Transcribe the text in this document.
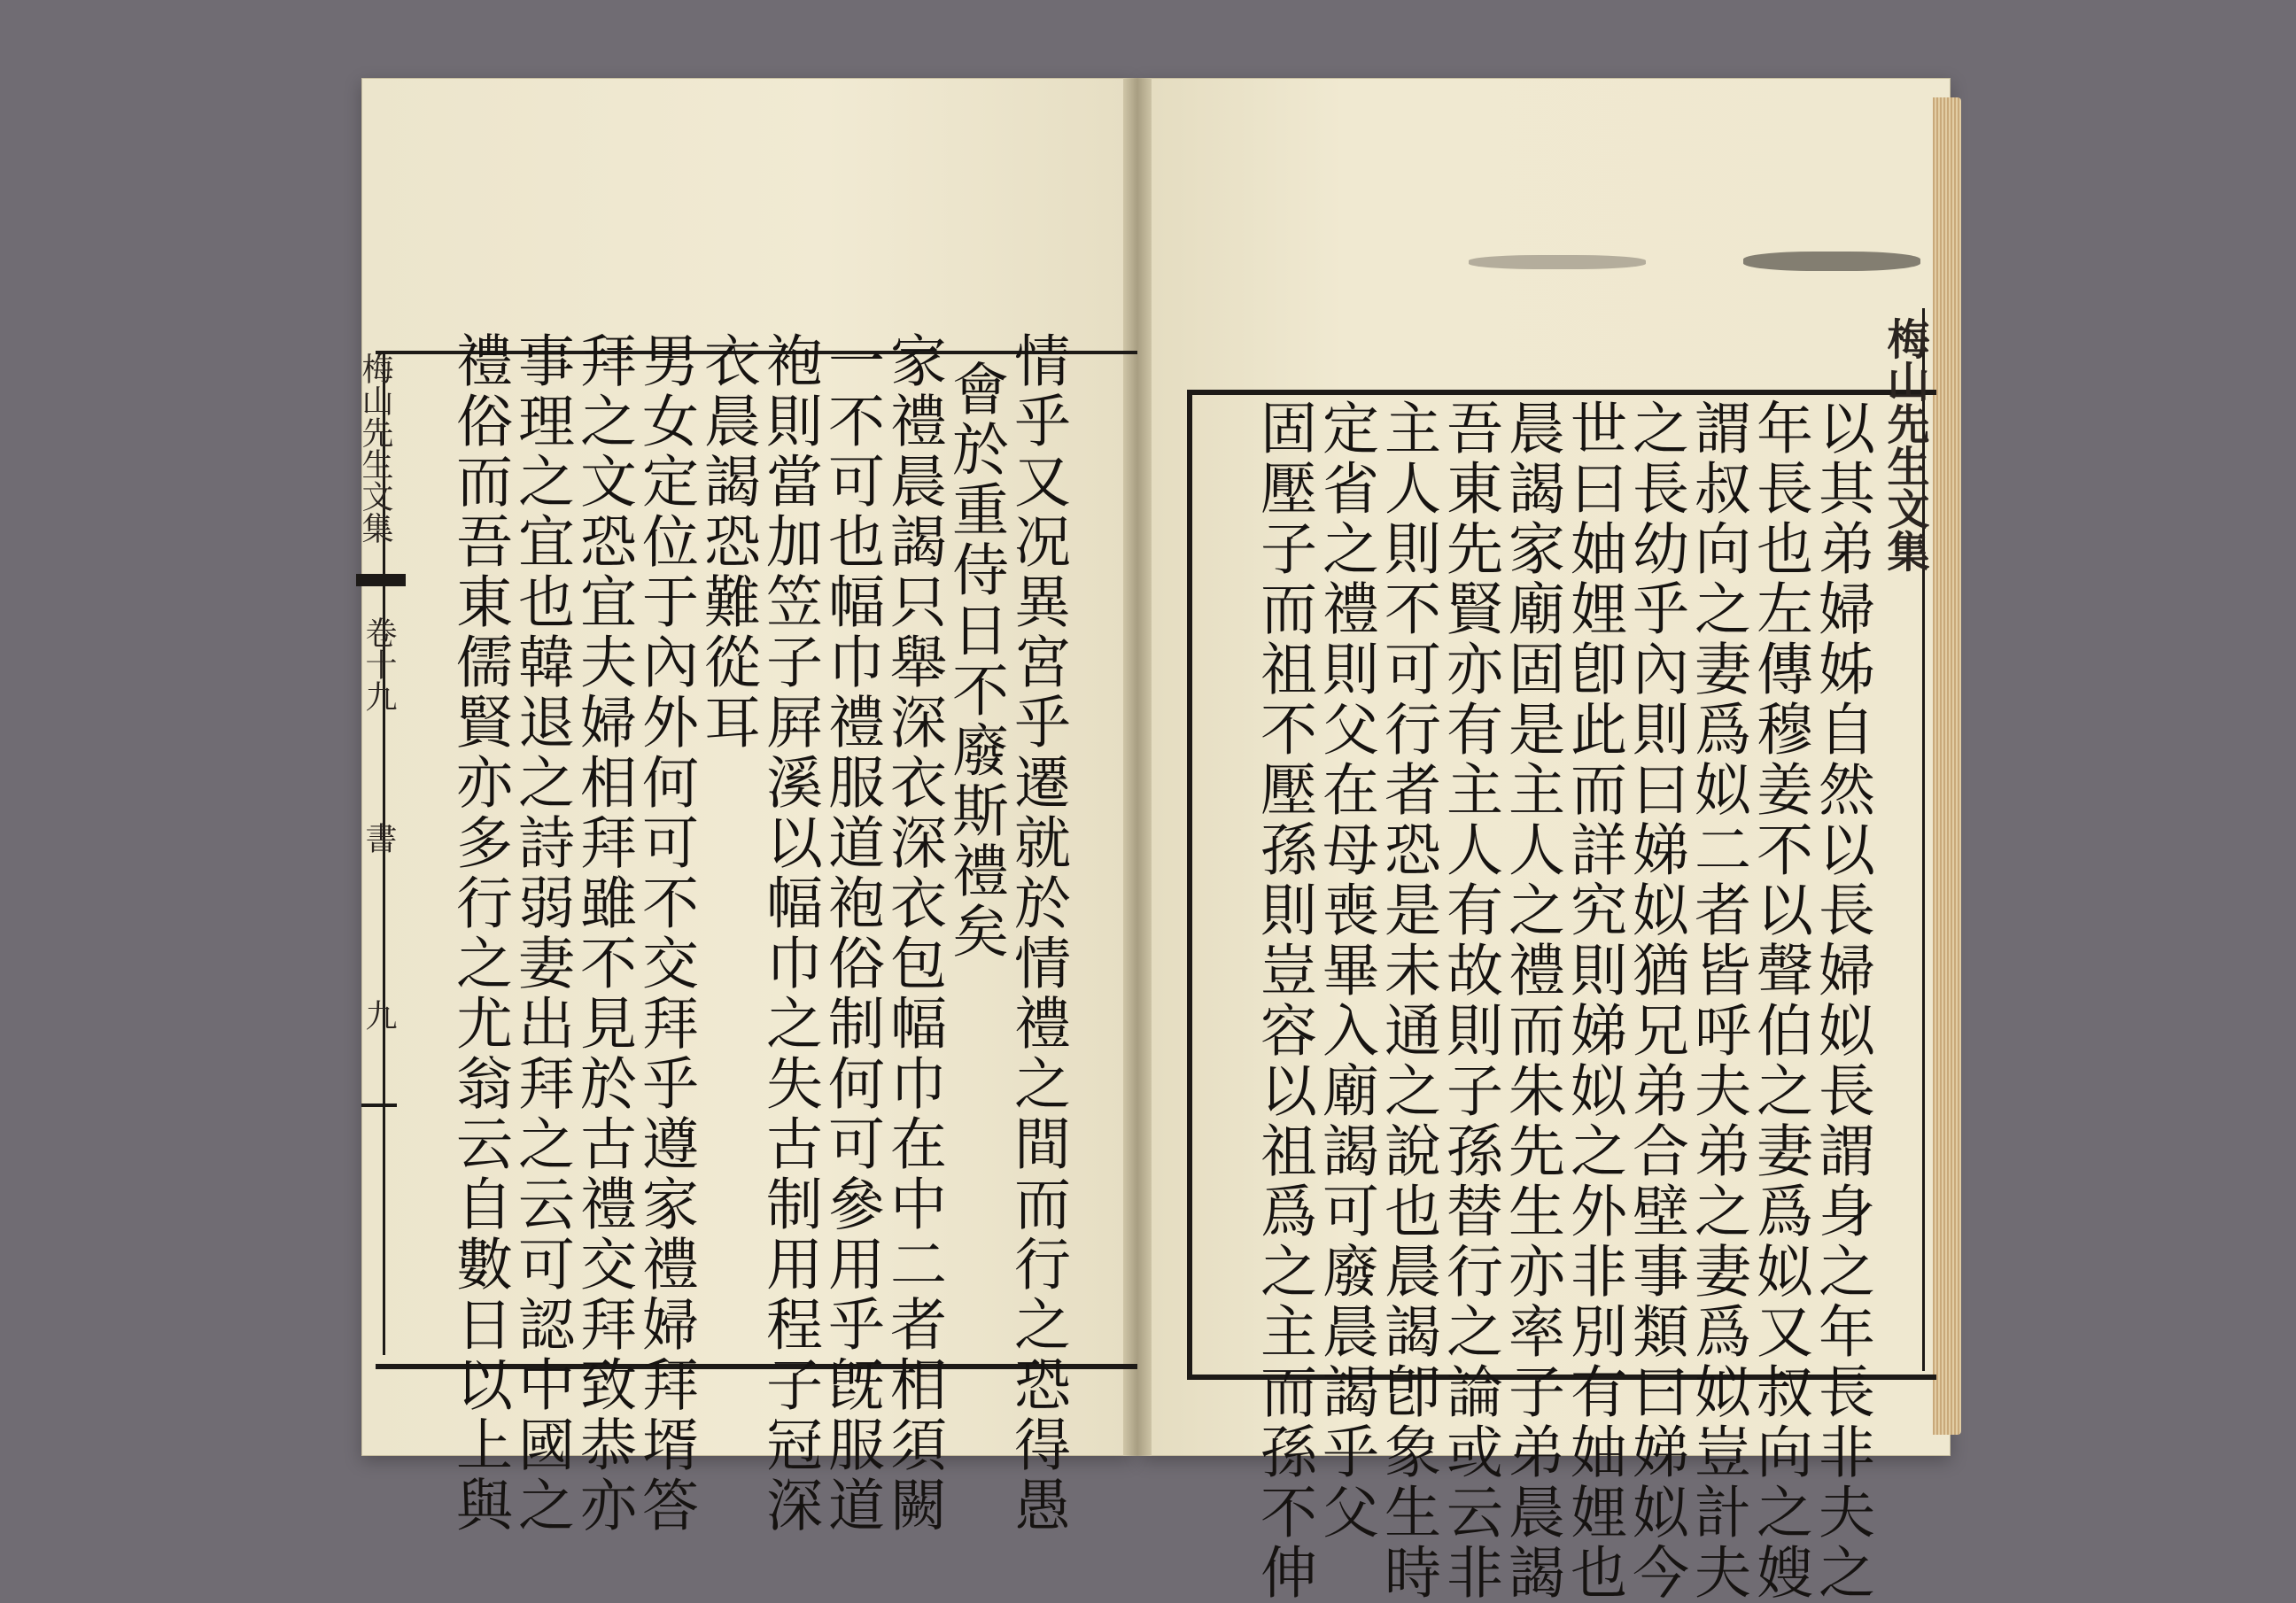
梅山先生文集
卷十九
書
九	情乎又况異宮乎遷就於情禮之間而行之恐得愚
會於重侍日不廢斯禮矣
家禮晨謁只舉深衣深衣包幅巾在中二者相須闕
一不可也幅巾禮服道袍俗制何可參用乎旣服道
袍則當加笠子屛溪以幅巾之失古制用程子冠深
衣晨謁恐難從耳
男女定位于內外何可不交拜乎遵家禮婦拜壻答
拜之文恐宜夫婦相拜雖不見於古禮交拜致恭亦
事理之宜也韓退之詩弱妻出拜之云可認中國之
禮俗而吾東儒賢亦多行之尤翁云自數日以上與	梅山先生文集
以其弟婦姊自然以長婦姒長謂身之年長非夫之
年長也左傳穆姜不以聲伯之妻爲姒又叔向之嫂
謂叔向之妻爲姒二者皆呼夫弟之妻爲姒豈計夫
之長幼乎內則曰娣姒猶兄弟合壁事類曰娣姒今
世曰妯娌卽此而詳究則娣姒之外非別有妯娌也
晨謁家廟固是主人之禮而朱先生亦率子弟晨謁
吾東先賢亦有主人有故則子孫替行之論或云非
主人則不可行者恐是未通之說也晨謁卽象生時
定省之禮則父在母喪畢入廟謁可廢晨謁乎父
固壓子而祖不壓孫則豈容以祖爲之主而孫不伸
